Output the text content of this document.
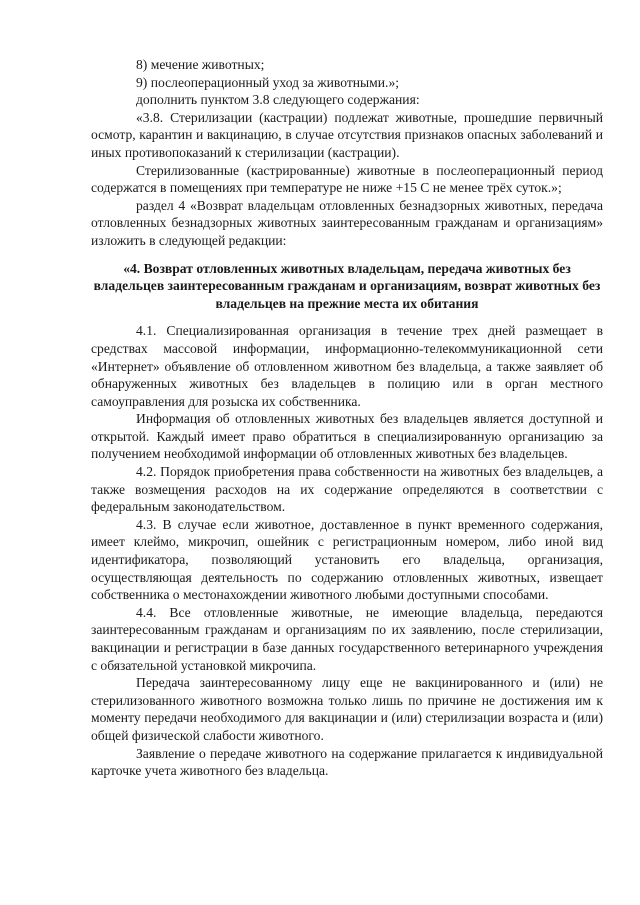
8) мечение животных;

9) послеоперационный уход за животными.»;

дополнить пунктом 3.8 следующего содержания:

«3.8. Стерилизации (кастрации) подлежат животные, прошедшие первичный осмотр, карантин и вакцинацию, в случае отсутствия признаков опасных заболеваний и иных противопоказаний к стерилизации (кастрации).

Стерилизованные (кастрированные) животные в послеоперационный период содержатся в помещениях при температуре не ниже +15 С не менее трёх суток.»;

раздел 4 «Возврат владельцам отловленных безнадзорных животных, передача отловленных безнадзорных животных заинтересованным гражданам и организациям» изложить в следующей редакции:

«4. Возврат отловленных животных владельцам, передача животных без владельцев заинтересованным гражданам и организациям, возврат животных без владельцев на прежние места их обитания

4.1. Специализированная организация в течение трех дней размещает в средствах массовой информации, информационно-телекоммуникационной сети «Интернет» объявление об отловленном животном без владельца, а также заявляет об обнаруженных животных без владельцев в полицию или в орган местного самоуправления для розыска их собственника.

Информация об отловленных животных без владельцев является доступной и открытой. Каждый имеет право обратиться в специализированную организацию за получением необходимой информации об отловленных животных без владельцев.

4.2. Порядок приобретения права собственности на животных без владельцев, а также возмещения расходов на их содержание определяются в соответствии с федеральным законодательством.

4.3. В случае если животное, доставленное в пункт временного содержания, имеет клеймо, микрочип, ошейник с регистрационным номером, либо иной вид идентификатора, позволяющий установить его владельца, организация, осуществляющая деятельность по содержанию отловленных животных, извещает собственника о местонахождении животного любыми доступными способами.

4.4. Все отловленные животные, не имеющие владельца, передаются заинтересованным гражданам и организациям по их заявлению, после стерилизации, вакцинации и регистрации в базе данных государственного ветеринарного учреждения с обязательной установкой микрочипа.

Передача заинтересованному лицу еще не вакцинированного и (или) не стерилизованного животного возможна только лишь по причине не достижения им к моменту передачи необходимого для вакцинации и (или) стерилизации возраста и (или) общей физической слабости животного.

Заявление о передаче животного на содержание прилагается к индивидуальной карточке учета животного без владельца.
